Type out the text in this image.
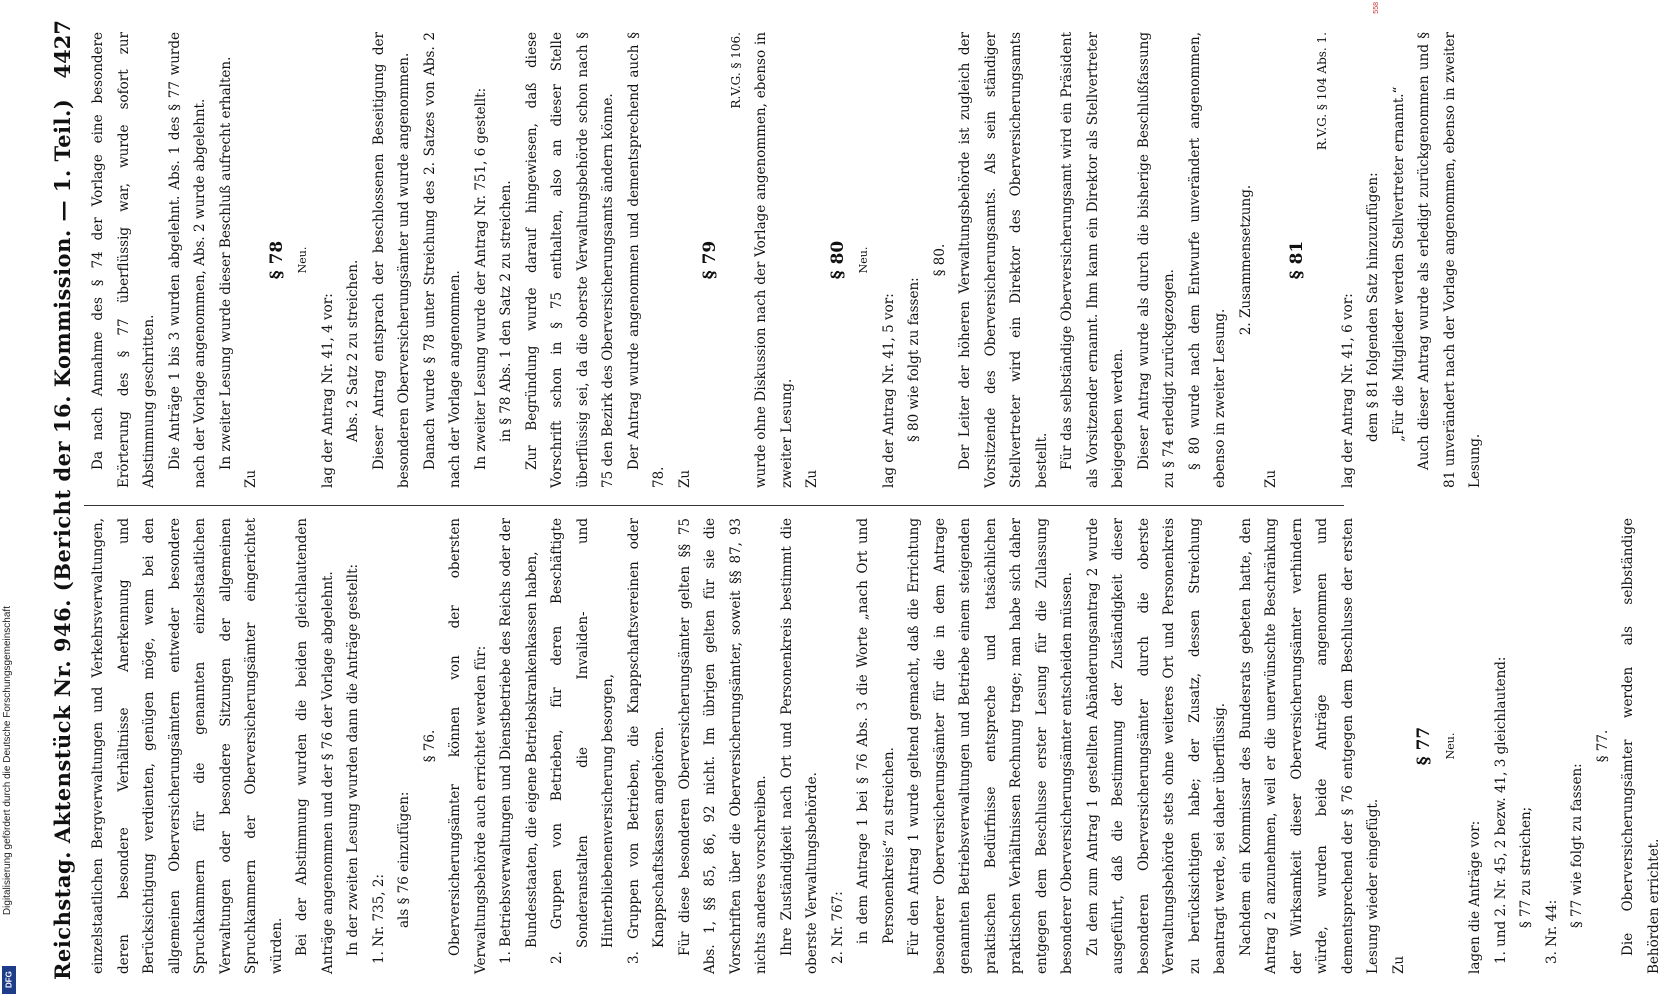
Digitalisierung gefördert durch die Deutsche Forschungsgemeinschaft
DFG
558
Reichstag. Aktenstück Nr. 946. (Bericht der 16. Kommission. — 1. Teil.)
4427

einzelstaatlichen Bergverwaltungen und Verkehrsverwaltungen, deren besondere Verhältnisse Anerkennung und Berücksichtigung verdienten, genügen möge, wenn bei den allgemeinen Oberversicherungsämtern entweder besondere Spruchkammern für die genannten einzelstaatlichen Verwaltungen oder besondere Sitzungen der allgemeinen Spruchkammern der Oberversicherungsämter eingerichtet würden. Bei der Abstimmung wurden die beiden gleichlautenden Anträge angenommen und der § 76 der Vorlage abgelehnt. In der zweiten Lesung wurden dann die Anträge gestellt: 1. Nr. 735, 2: als § 76 einzufügen:

§ 76. Oberversicherungsämter können von der obersten Verwaltungsbehörde auch errichtet werden für: 1. Betriebsverwaltungen und Dienstbetriebe des Reichs oder der Bundesstaaten, die eigene Betriebskrankenkassen haben, 2. Gruppen von Betrieben, für deren Beschäftigte Sonderanstalten die Invaliden- und Hinterbliebenenversicherung besorgen, 3. Gruppen von Betrieben, die Knappschaftsvereinen oder Knappschaftskassen angehören. Für diese besonderen Oberversicherungsämter gelten §§ 75 Abs. 1, §§ 85, 86, 92 nicht. Im übrigen gelten für sie die Vorschriften über die Oberversicherungsämter, soweit §§ 87, 93 nichts anderes vorschreiben. Ihre Zuständigkeit nach Ort und Personenkreis bestimmt die oberste Verwaltungsbehörde. 2. Nr. 767: in dem Antrage 1 bei § 76 Abs. 3 die Worte „nach Ort und Personenkreis“ zu streichen. Für den Antrag 1 wurde geltend gemacht, daß die Errichtung besonderer Oberversicherungsämter für die in dem Antrage genannten Betriebsverwaltungen und Betriebe einem steigenden praktischen Bedürfnisse entspreche und tatsächlichen praktischen Verhältnissen Rechnung trage; man habe sich daher entgegen dem Beschlusse erster Lesung für die Zulassung besonderer Oberversicherungsämter entscheiden müssen. Zu dem zum Antrag 1 gestellten Abänderungsantrag 2 wurde ausgeführt, daß die Bestimmung der Zuständigkeit dieser besonderen Oberversicherungsämter durch die oberste Verwaltungsbehörde stets ohne weiteres Ort und Personenkreis zu berücksichtigen habe; der Zusatz, dessen Streichung beantragt werde, sei daher überflüssig. Nachdem ein Kommissar des Bundesrats gebeten hatte, den Antrag 2 anzunehmen, weil er die unerwünschte Beschränkung der Wirksamkeit dieser Oberversicherungsämter verhindern würde, wurden beide Anträge angenommen und dementsprechend der § 76 entgegen dem Beschlusse der ersten Lesung wieder eingefügt. Zu

§ 77 Neu.

lagen die Anträge vor: 1. und 2. Nr. 45, 2 bezw. 41, 3 gleichlautend: § 77 zu streichen;

3. Nr. 44:

§ 77 wie folgt zu fassen:

§ 77. Die Oberversicherungsämter werden als selbständige Behörden errichtet.

Da nach Annahme des § 74 der Vorlage eine besondere Erörterung des § 77 überflüssig war, wurde sofort zur Abstimmung geschritten. Die Anträge 1 bis 3 wurden abgelehnt. Abs. 1 des § 77 wurde nach der Vorlage angenommen, Abs. 2 wurde abgelehnt. In zweiter Lesung wurde dieser Beschluß aufrecht erhalten.

Zu

§ 78 Neu.

lag der Antrag Nr. 41, 4 vor: Abs. 2 Satz 2 zu streichen. Dieser Antrag entsprach der beschlossenen Beseitigung der besonderen Oberversicherungsämter und wurde angenommen. Danach wurde § 78 unter Streichung des 2. Satzes von Abs. 2 nach der Vorlage angenommen. In zweiter Lesung wurde der Antrag Nr. 751, 6 gestellt: in § 78 Abs. 1 den Satz 2 zu streichen. Zur Begründung wurde darauf hingewiesen, daß diese Vorschrift schon in § 75 enthalten, also an dieser Stelle überflüssig sei, da die oberste Verwaltungsbehörde schon nach § 75 den Bezirk des Oberversicherungsamts ändern könne. Der Antrag wurde angenommen und dementsprechend auch § 78. Zu

§ 79

R.V.G. § 106. wurde ohne Diskussion nach der Vorlage angenommen, ebenso in zweiter Lesung. Zu

§ 80 Neu.

lag der Antrag Nr. 41, 5 vor: § 80 wie folgt zu fassen:

§ 80. Der Leiter der höheren Verwaltungsbehörde ist zugleich der Vorsitzende des Oberversicherungsamts. Als sein ständiger Stellvertreter wird ein Direktor des Oberversicherungsamts bestellt. Für das selbständige Oberversicherungsamt wird ein Präsident als Vorsitzender ernannt. Ihm kann ein Direktor als Stellvertreter beigegeben werden. Dieser Antrag wurde als durch die bisherige Beschlußfassung zu § 74 erledigt zurückgezogen. § 80 wurde nach dem Entwurfe unverändert angenommen, ebenso in zweiter Lesung.

2. Zusammensetzung.

Zu

§ 81

R.V.G. § 104 Abs. 1.

lag der Antrag Nr. 41, 6 vor: dem § 81 folgenden Satz hinzuzufügen: „Für die Mitglieder werden Stellvertreter ernannt.“ Auch dieser Antrag wurde als erledigt zurückgenommen und § 81 unverändert nach der Vorlage angenommen, ebenso in zweiter Lesung.
